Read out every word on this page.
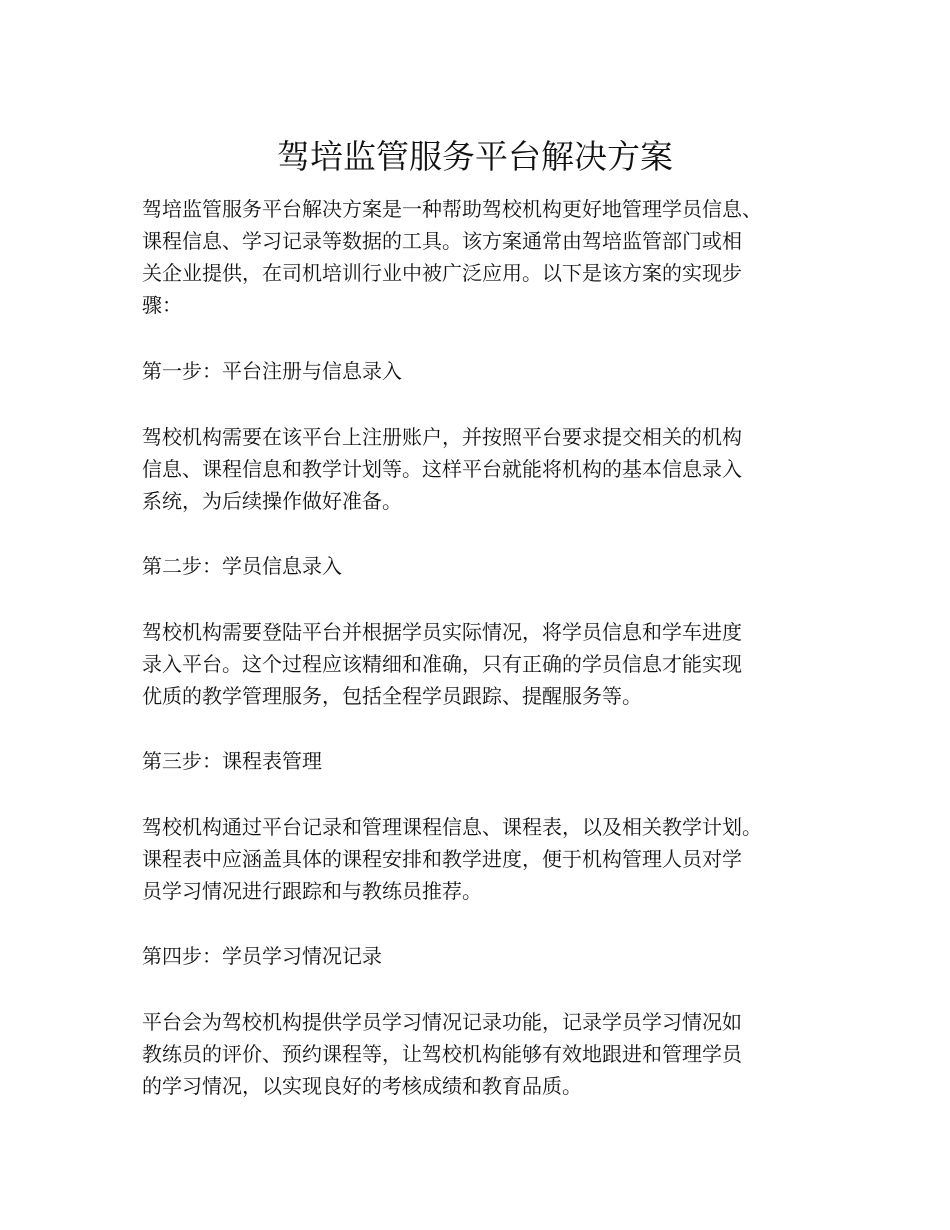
驾培监管服务平台解决方案

驾培监管服务平台解决方案是一种帮助驾校机构更好地管理学员信息、

课程信息、学习记录等数据的工具。该方案通常由驾培监管部门或相

关企业提供，在司机培训行业中被广泛应用。以下是该方案的实现步

骤：

第一步：平台注册与信息录入

驾校机构需要在该平台上注册账户，并按照平台要求提交相关的机构

信息、课程信息和教学计划等。这样平台就能将机构的基本信息录入

系统，为后续操作做好准备。

第二步：学员信息录入

驾校机构需要登陆平台并根据学员实际情况，将学员信息和学车进度

录入平台。这个过程应该精细和准确，只有正确的学员信息才能实现

优质的教学管理服务，包括全程学员跟踪、提醒服务等。

第三步：课程表管理

驾校机构通过平台记录和管理课程信息、课程表，以及相关教学计划。

课程表中应涵盖具体的课程安排和教学进度，便于机构管理人员对学

员学习情况进行跟踪和与教练员推荐。

第四步：学员学习情况记录

平台会为驾校机构提供学员学习情况记录功能，记录学员学习情况如

教练员的评价、预约课程等，让驾校机构能够有效地跟进和管理学员

的学习情况，以实现良好的考核成绩和教育品质。
